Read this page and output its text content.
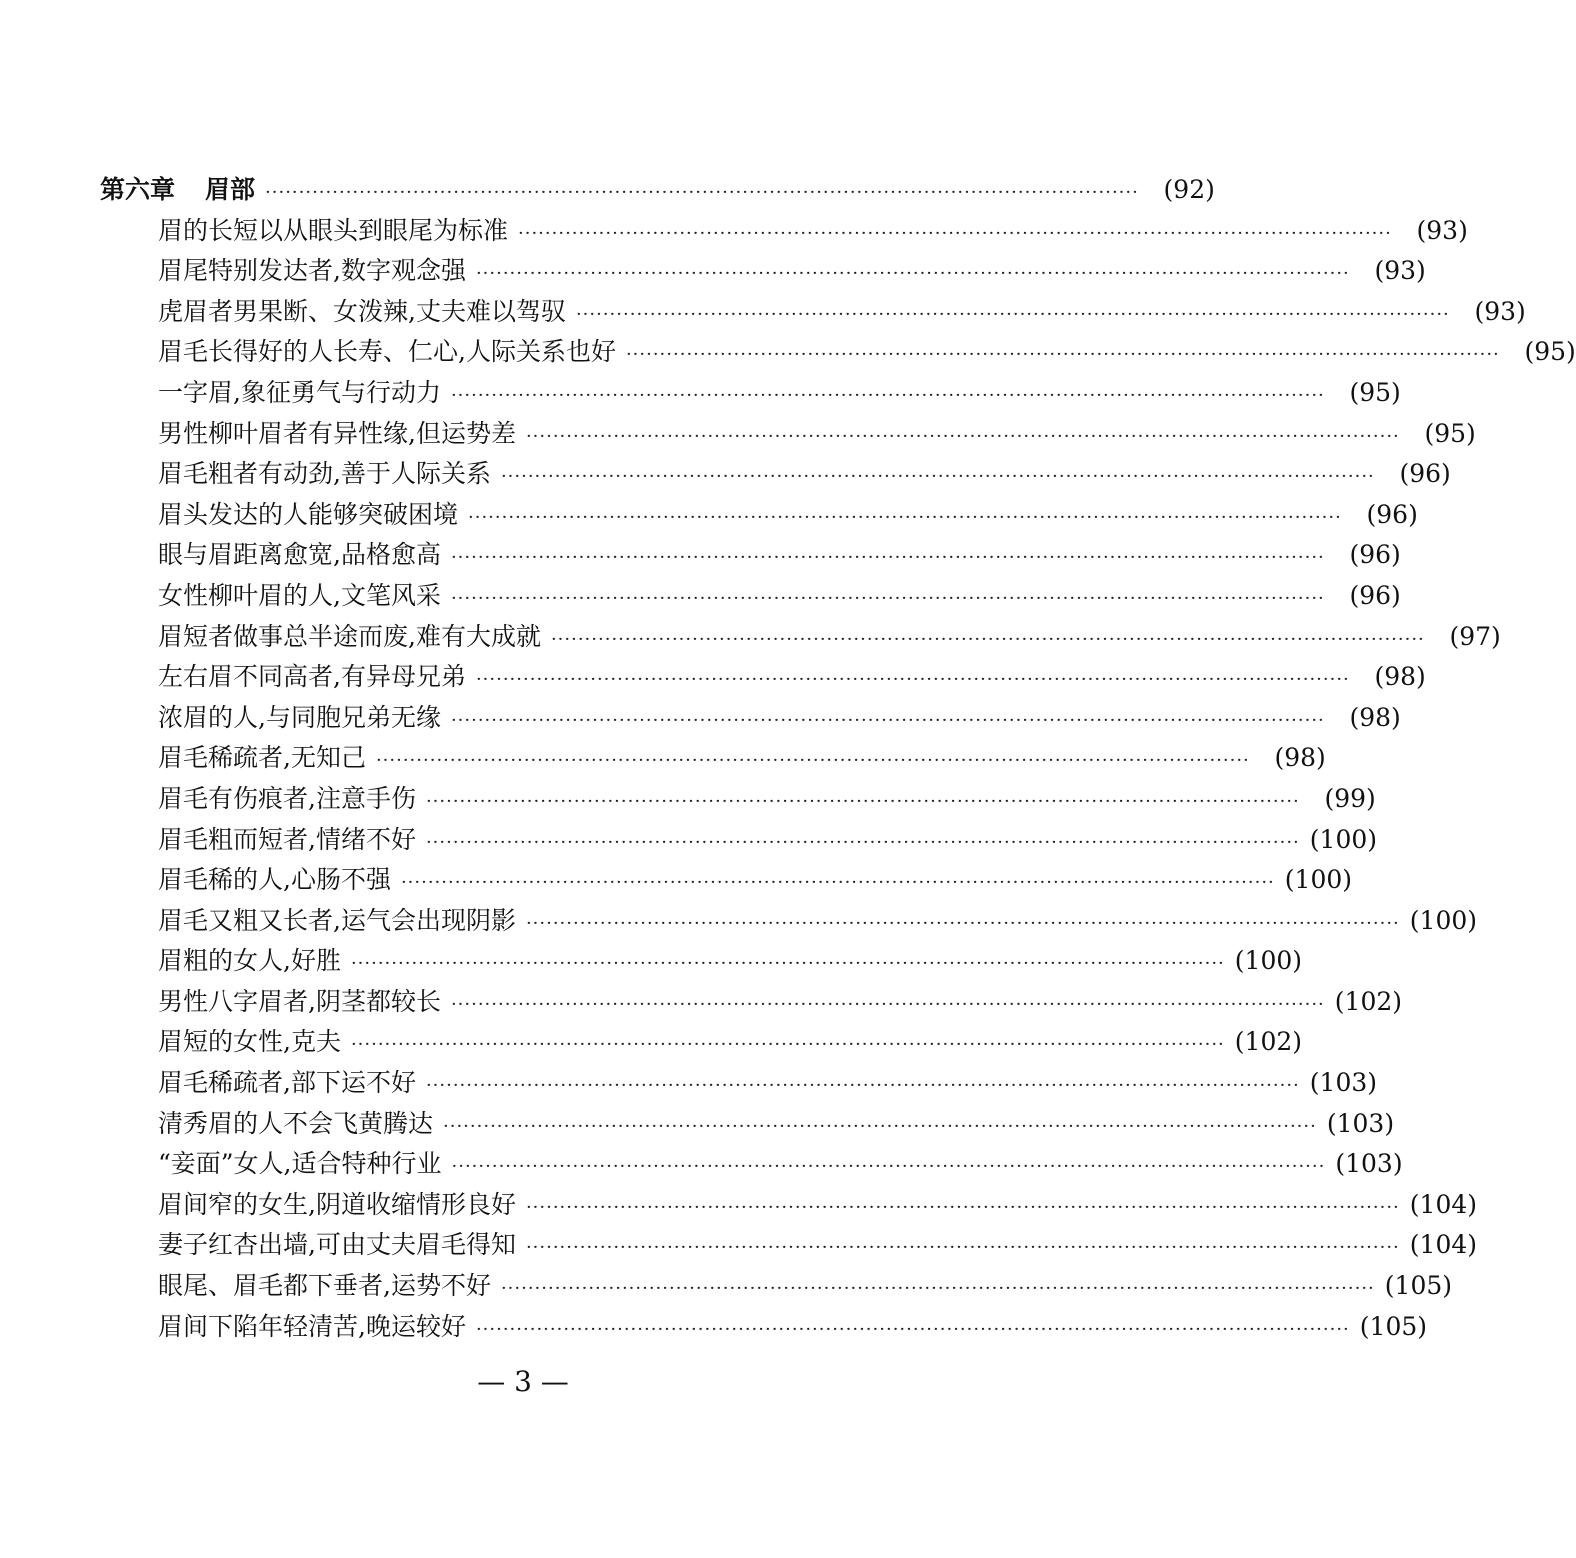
第六章 眉部 ·································································································································· (92)
眉的长短以从眼头到眼尾为标准 ·································································································································· (93)
眉尾特别发达者,数字观念强 ·································································································································· (93)
虎眉者男果断、女泼辣,丈夫难以驾驭 ·································································································································· (93)
眉毛长得好的人长寿、仁心,人际关系也好 ·································································································································· (95)
一字眉,象征勇气与行动力 ·································································································································· (95)
男性柳叶眉者有异性缘,但运势差 ·································································································································· (95)
眉毛粗者有动劲,善于人际关系 ·································································································································· (96)
眉头发达的人能够突破困境 ·································································································································· (96)
眼与眉距离愈宽,品格愈高 ·································································································································· (96)
女性柳叶眉的人,文笔风采 ·································································································································· (96)
眉短者做事总半途而废,难有大成就 ·································································································································· (97)
左右眉不同高者,有异母兄弟 ·································································································································· (98)
浓眉的人,与同胞兄弟无缘 ·································································································································· (98)
眉毛稀疏者,无知己 ·································································································································· (98)
眉毛有伤痕者,注意手伤 ·································································································································· (99)
眉毛粗而短者,情绪不好 ·································································································································· (100)
眉毛稀的人,心肠不强 ·································································································································· (100)
眉毛又粗又长者,运气会出现阴影 ·································································································································· (100)
眉粗的女人,好胜 ·································································································································· (100)
男性八字眉者,阴茎都较长 ·································································································································· (102)
眉短的女性,克夫 ·································································································································· (102)
眉毛稀疏者,部下运不好 ·································································································································· (103)
清秀眉的人不会飞黄腾达 ·································································································································· (103)
“妾面”女人,适合特种行业 ·································································································································· (103)
眉间窄的女生,阴道收缩情形良好 ·································································································································· (104)
妻子红杏出墙,可由丈夫眉毛得知 ·································································································································· (104)
眼尾、眉毛都下垂者,运势不好 ·································································································································· (105)
眉间下陷年轻清苦,晚运较好 ·································································································································· (105)
— 3 —
